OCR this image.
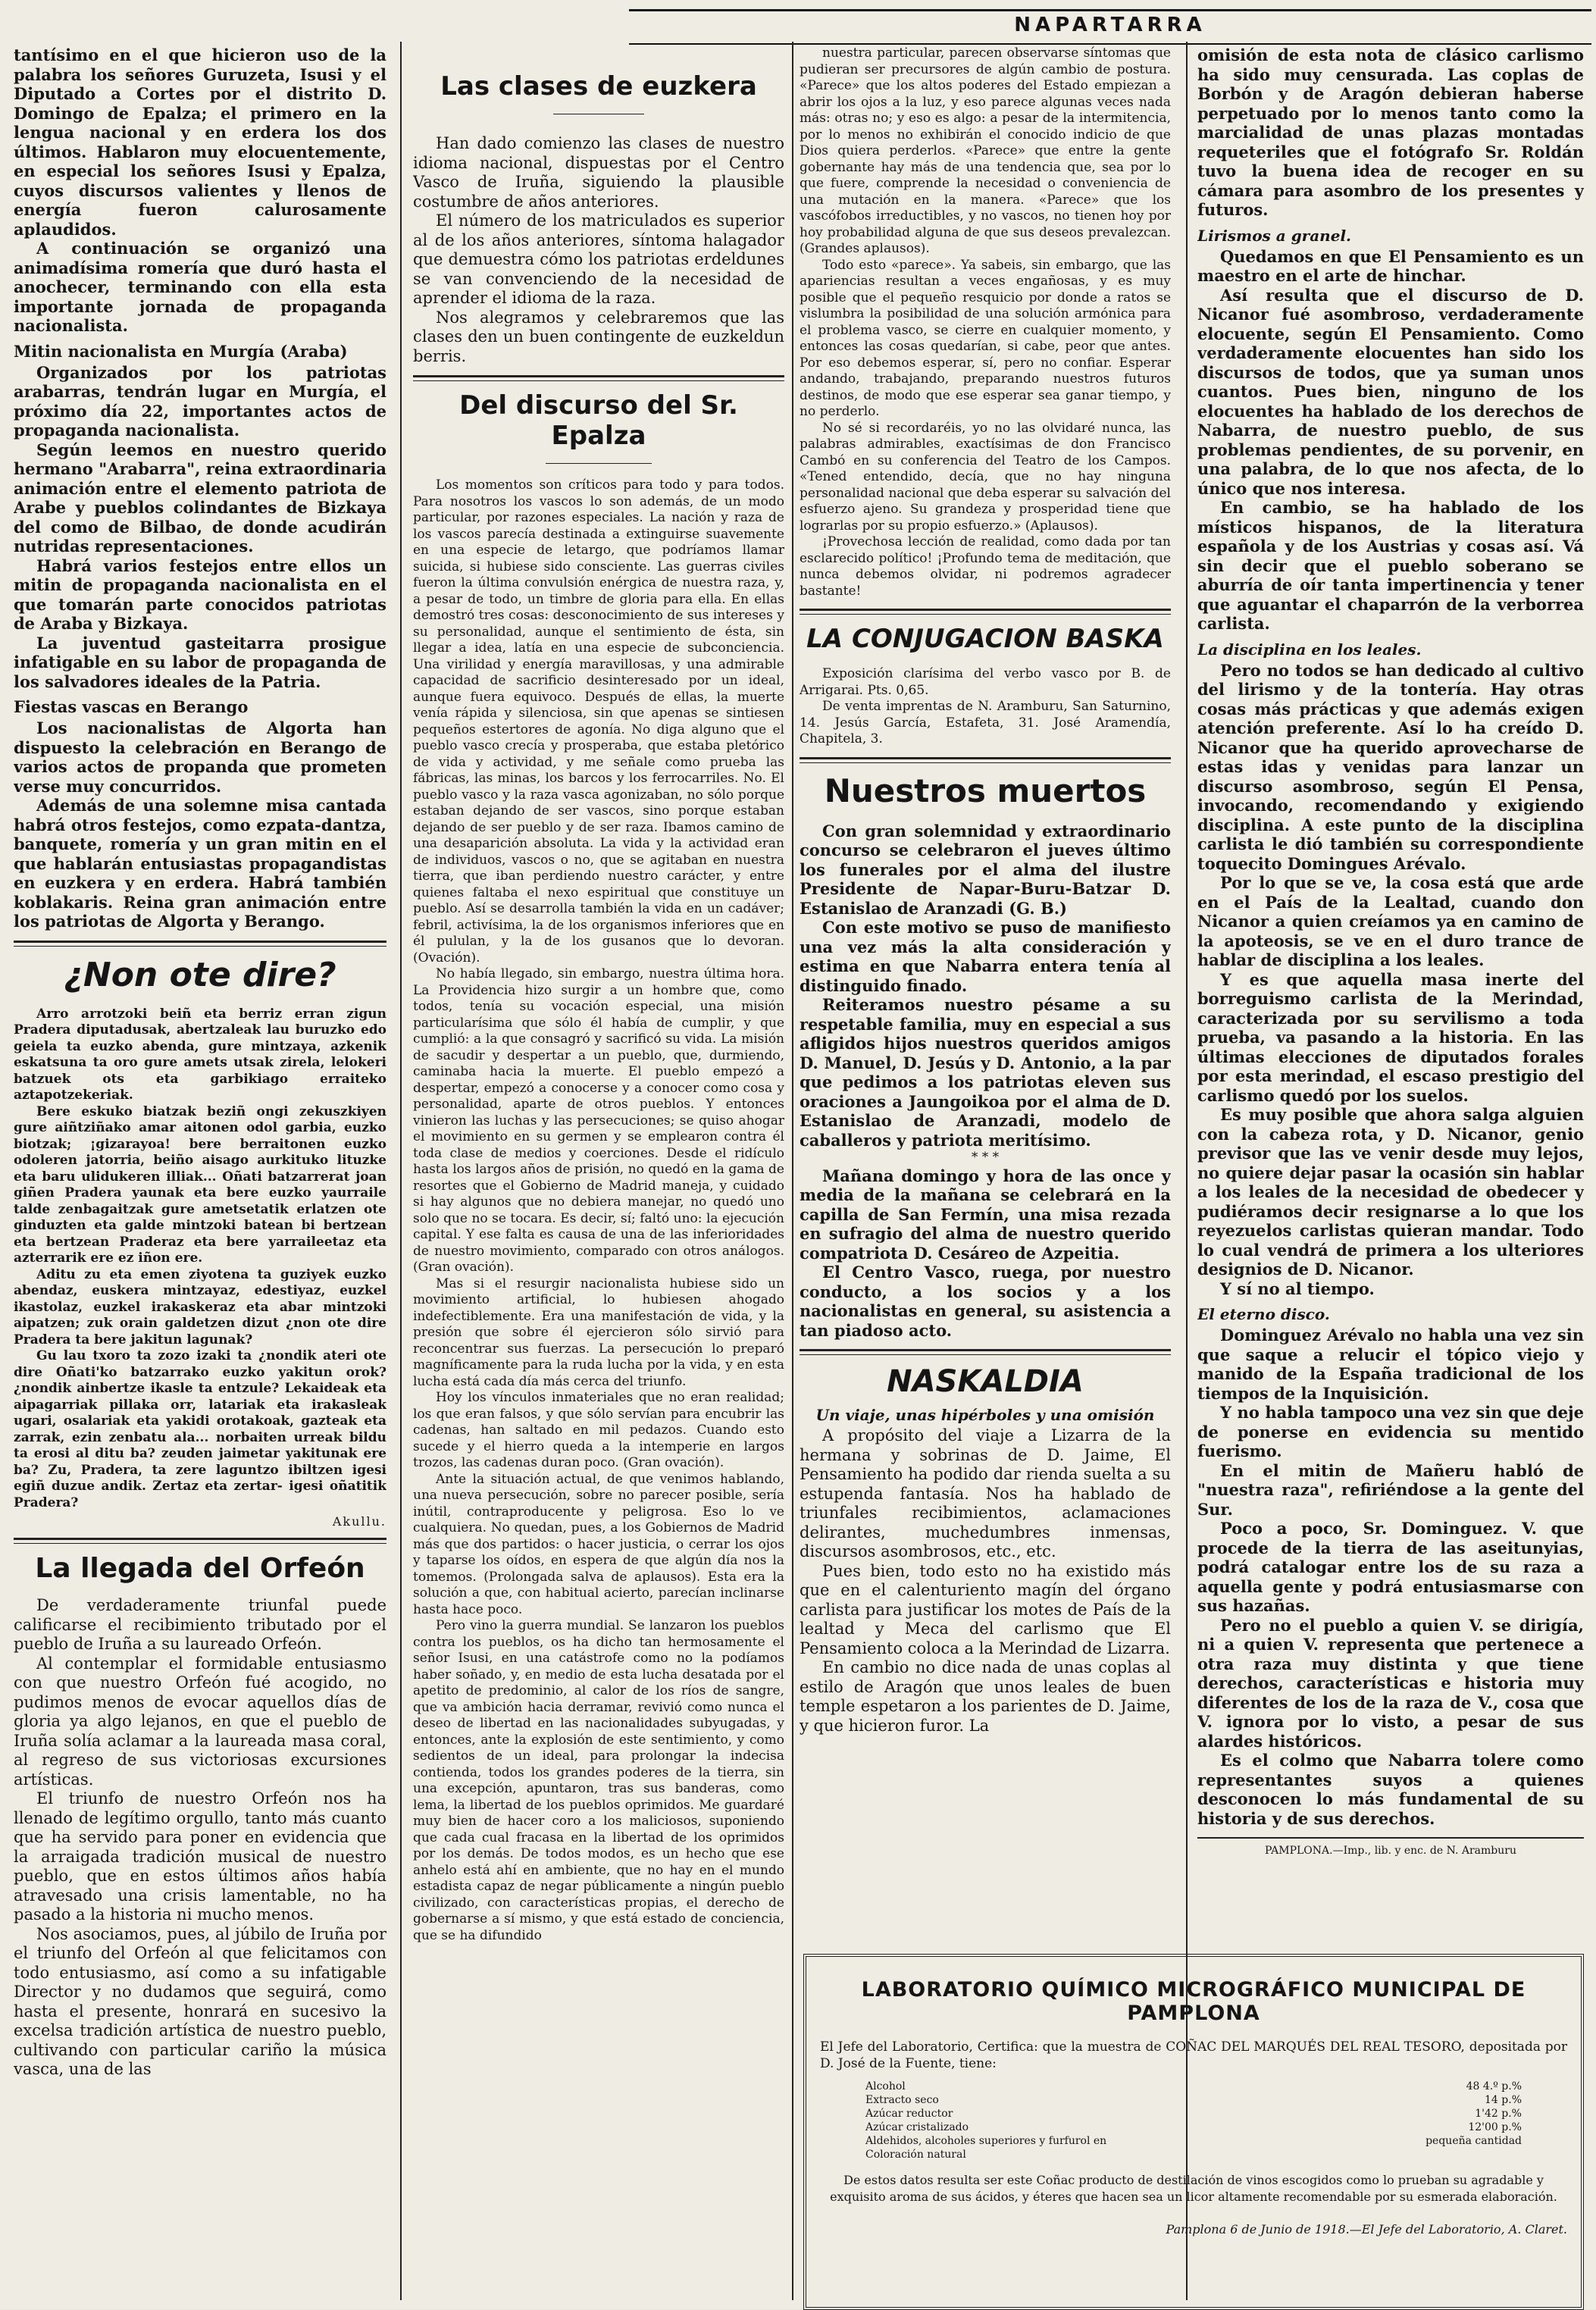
NAPARTARRA

tantísimo en el que hicieron uso de la palabra los señores Guruzeta, Isusi y el Diputado a Cortes por el distrito D. Domingo de Epalza; el primero en la lengua nacional y en erdera los dos últimos. Hablaron muy elocuentemente, en especial los señores Isusi y Epalza, cuyos discursos valientes y llenos de energía fueron calurosamente aplaudidos.

A continuación se organizó una animadísima romería que duró hasta el anochecer, terminando con ella esta importante jornada de propaganda nacionalista.

Mitin nacionalista en Murgía (Araba)

Organizados por los patriotas arabarras, tendrán lugar en Murgía, el próximo día 22, importantes actos de propaganda nacionalista.

Según leemos en nuestro querido hermano "Arabarra", reina extraordinaria animación entre el elemento patriota de Arabe y pueblos colindantes de Bizkaya del como de Bilbao, de donde acudirán nutridas representaciones.

Habrá varios festejos entre ellos un mitin de propaganda nacionalista en el que tomarán parte conocidos patriotas de Araba y Bizkaya.

La juventud gasteitarra prosigue infatigable en su labor de propaganda de los salvadores ideales de la Patria.

Fiestas vascas en Berango

Los nacionalistas de Algorta han dispuesto la celebración en Berango de varios actos de propanda que prometen verse muy concurridos.

Además de una solemne misa cantada habrá otros festejos, como ezpata-dantza, banquete, romería y un gran mitin en el que hablarán entusiastas propagandistas en euzkera y en erdera. Habrá también koblakaris. Reina gran animación entre los patriotas de Algorta y Berango.

¿Non ote dire?

Arro arrotzoki beiñ eta berriz erran zigun Pradera diputadusak, abertzaleak lau buruzko edo geiela ta euzko abenda, gure mintzaya, azkenik eskatsuna ta oro gure amets utsak zirela, lelokeri batzuek ots eta garbikiago erraiteko aztapotzekeriak.

Bere eskuko biatzak beziñ ongi zekuszkiyen gure aiñtziñako amar aitonen odol garbia, euzko biotzak; ¡gizarayoa! bere berraitonen euzko odoleren jatorria, beiño aisago aurkituko lituzke eta baru ulidukeren illiak... Oñati batzarrerat joan giñen Pradera yaunak eta bere euzko yaurraile talde zenbagaitzak gure ametsetatik erlatzen ote ginduzten eta galde mintzoki batean bi bertzean eta bertzean Praderaz eta bere yarraileetaz eta azterrarik ere ez iñon ere.

Aditu zu eta emen ziyotena ta guziyek euzko abendaz, euskera mintzayaz, edestiyaz, euzkel ikastolaz, euzkel irakaskeraz eta abar mintzoki aipatzen; zuk orain galdetzen dizut ¿non ote dire Pradera ta bere jakitun lagunak?

Gu lau txoro ta zozo izaki ta ¿nondik ateri ote dire Oñati'ko batzarrako euzko yakitun orok? ¿nondik ainbertze ikasle ta entzule? Lekaideak eta aipagarriak pillaka orr, latariak eta irakasleak ugari, osalariak eta yakidi orotakoak, gazteak eta zarrak, ezin zenbatu ala... norbaiten urreak bildu ta erosi al ditu ba? zeuden jaimetar yakitunak ere ba? Zu, Pradera, ta zere laguntzo ibiltzen igesi egiñ duzue andik. Zertaz eta zertar- igesi oñatitik Pradera?

Akullu.
La llegada del Orfeón

De verdaderamente triunfal puede calificarse el recibimiento tributado por el pueblo de Iruña a su laureado Orfeón.

Al contemplar el formidable entusiasmo con que nuestro Orfeón fué acogido, no pudimos menos de evocar aquellos días de gloria ya algo lejanos, en que el pueblo de Iruña solía aclamar a la laureada masa coral, al regreso de sus victoriosas excursiones artísticas.

El triunfo de nuestro Orfeón nos ha llenado de legítimo orgullo, tanto más cuanto que ha servido para poner en evidencia que la arraigada tradición musical de nuestro pueblo, que en estos últimos años había atravesado una crisis lamentable, no ha pasado a la historia ni mucho menos.

Nos asociamos, pues, al júbilo de Iruña por el triunfo del Orfeón al que felicitamos con todo entusiasmo, así como a su infatigable Director y no dudamos que seguirá, como hasta el presente, honrará en sucesivo la excelsa tradición artística de nuestro pueblo, cultivando con particular cariño la música vasca, una de las

Las clases de euzkera

Han dado comienzo las clases de nuestro idioma nacional, dispuestas por el Centro Vasco de Iruña, siguiendo la plausible costumbre de años anteriores.

El número de los matriculados es superior al de los años anteriores, síntoma halagador que demuestra cómo los patriotas erdeldunes se van convenciendo de la necesidad de aprender el idioma de la raza.

Nos alegramos y celebraremos que las clases den un buen contingente de euzkeldun berris.

Del discurso del Sr. Epalza

Los momentos son críticos para todo y para todos. Para nosotros los vascos lo son además, de un modo particular, por razones especiales. La nación y raza de los vascos parecía destinada a extinguirse suavemente en una especie de letargo, que podríamos llamar suicida, si hubiese sido consciente. Las guerras civiles fueron la última convulsión enérgica de nuestra raza, y, a pesar de todo, un timbre de gloria para ella. En ellas demostró tres cosas: desconocimiento de sus intereses y su personalidad, aunque el sentimiento de ésta, sin llegar a idea, latía en una especie de subconciencia. Una virilidad y energía maravillosas, y una admirable capacidad de sacrificio desinteresado por un ideal, aunque fuera equivoco. Después de ellas, la muerte venía rápida y silenciosa, sin que apenas se sintiesen pequeños estertores de agonía. No diga alguno que el pueblo vasco crecía y prosperaba, que estaba pletórico de vida y actividad, y me señale como prueba las fábricas, las minas, los barcos y los ferrocarriles. No. El pueblo vasco y la raza vasca agonizaban, no sólo porque estaban dejando de ser vascos, sino porque estaban dejando de ser pueblo y de ser raza. Ibamos camino de una desaparición absoluta. La vida y la actividad eran de individuos, vascos o no, que se agitaban en nuestra tierra, que iban perdiendo nuestro carácter, y entre quienes faltaba el nexo espiritual que constituye un pueblo. Así se desarrolla también la vida en un cadáver; febril, activísima, la de los organismos inferiores que en él pululan, y la de los gusanos que lo devoran. (Ovación).

No había llegado, sin embargo, nuestra última hora. La Providencia hizo surgir a un hombre que, como todos, tenía su vocación especial, una misión particularísima que sólo él había de cumplir, y que cumplió: a la que consagró y sacrificó su vida. La misión de sacudir y despertar a un pueblo, que, durmiendo, caminaba hacia la muerte. El pueblo empezó a despertar, empezó a conocerse y a conocer como cosa y personalidad, aparte de otros pueblos. Y entonces vinieron las luchas y las persecuciones; se quiso ahogar el movimiento en su germen y se emplearon contra él toda clase de medios y coerciones. Desde el ridículo hasta los largos años de prisión, no quedó en la gama de resortes que el Gobierno de Madrid maneja, y cuidado si hay algunos que no debiera manejar, no quedó uno solo que no se tocara. Es decir, sí; faltó uno: la ejecución capital. Y ese falta es causa de una de las inferioridades de nuestro movimiento, comparado con otros análogos. (Gran ovación).

Mas si el resurgir nacionalista hubiese sido un movimiento artificial, lo hubiesen ahogado indefectiblemente. Era una manifestación de vida, y la presión que sobre él ejercieron sólo sirvió para reconcentrar sus fuerzas. La persecución lo preparó magníficamente para la ruda lucha por la vida, y en esta lucha está cada día más cerca del triunfo.

Hoy los vínculos inmateriales que no eran realidad; los que eran falsos, y que sólo servían para encubrir las cadenas, han saltado en mil pedazos. Cuando esto sucede y el hierro queda a la intemperie en largos trozos, las cadenas duran poco. (Gran ovación).

Ante la situación actual, de que venimos hablando, una nueva persecución, sobre no parecer posible, sería inútil, contraproducente y peligrosa. Eso lo ve cualquiera. No quedan, pues, a los Gobiernos de Madrid más que dos partidos: o hacer justicia, o cerrar los ojos y taparse los oídos, en espera de que algún día nos la tomemos. (Prolongada salva de aplausos). Esta era la solución a que, con habitual acierto, parecían inclinarse hasta hace poco.

Pero vino la guerra mundial. Se lanzaron los pueblos contra los pueblos, os ha dicho tan hermosamente el señor Isusi, en una catástrofe como no la podíamos haber soñado, y, en medio de esta lucha desatada por el apetito de predominio, al calor de los ríos de sangre, que va ambición hacia derramar, revivió como nunca el deseo de libertad en las nacionalidades subyugadas, y entonces, ante la explosión de este sentimiento, y como sedientos de un ideal, para prolongar la indecisa contienda, todos los grandes poderes de la tierra, sin una excepción, apuntaron, tras sus banderas, como lema, la libertad de los pueblos oprimidos. Me guardaré muy bien de hacer coro a los maliciosos, suponiendo que cada cual fracasa en la libertad de los oprimidos por los demás. De todos modos, es un hecho que ese anhelo está ahí en ambiente, que no hay en el mundo estadista capaz de negar públicamente a ningún pueblo civilizado, con características propias, el derecho de gobernarse a sí mismo, y que está estado de conciencia, que se ha difundido

nuestra particular, parecen observarse síntomas que pudieran ser precursores de algún cambio de postura. «Parece» que los altos poderes del Estado empiezan a abrir los ojos a la luz, y eso parece algunas veces nada más: otras no; y eso es algo: a pesar de la intermitencia, por lo menos no exhibirán el conocido indicio de que Dios quiera perderlos. «Parece» que entre la gente gobernante hay más de una tendencia que, sea por lo que fuere, comprende la necesidad o conveniencia de una mutación en la manera. «Parece» que los vascófobos irreductibles, y no vascos, no tienen hoy por hoy probabilidad alguna de que sus deseos prevalezcan. (Grandes aplausos).

Todo esto «parece». Ya sabeis, sin embargo, que las apariencias resultan a veces engañosas, y es muy posible que el pequeño resquicio por donde a ratos se vislumbra la posibilidad de una solución armónica para el problema vasco, se cierre en cualquier momento, y entonces las cosas quedarían, si cabe, peor que antes. Por eso debemos esperar, sí, pero no confiar. Esperar andando, trabajando, preparando nuestros futuros destinos, de modo que ese esperar sea ganar tiempo, y no perderlo.

No sé si recordaréis, yo no las olvidaré nunca, las palabras admirables, exactísimas de don Francisco Cambó en su conferencia del Teatro de los Campos. «Tened entendido, decía, que no hay ninguna personalidad nacional que deba esperar su salvación del esfuerzo ajeno. Su grandeza y prosperidad tiene que lograrlas por su propio esfuerzo.» (Aplausos).

¡Provechosa lección de realidad, como dada por tan esclarecido político! ¡Profundo tema de meditación, que nunca debemos olvidar, ni podremos agradecer bastante!

LA CONJUGACION BASKA

Exposición clarísima del verbo vasco por B. de Arrigarai. Pts. 0,65.

De venta imprentas de N. Aramburu, San Saturnino, 14. Jesús García, Estafeta, 31. José Aramendía, Chapitela, 3.

Nuestros muertos

Con gran solemnidad y extraordinario concurso se celebraron el jueves último los funerales por el alma del ilustre Presidente de Napar-Buru-Batzar D. Estanislao de Aranzadi (G. B.)

Con este motivo se puso de manifiesto una vez más la alta consideración y estima en que Nabarra entera tenía al distinguido finado.

Reiteramos nuestro pésame a su respetable familia, muy en especial a sus afligidos hijos nuestros queridos amigos D. Manuel, D. Jesús y D. Antonio, a la par que pedimos a los patriotas eleven sus oraciones a Jaungoikoa por el alma de D. Estanislao de Aranzadi, modelo de caballeros y patriota meritísimo.

* * *

Mañana domingo y hora de las once y media de la mañana se celebrará en la capilla de San Fermín, una misa rezada en sufragio del alma de nuestro querido compatriota D. Cesáreo de Azpeitia.

El Centro Vasco, ruega, por nuestro conducto, a los socios y a los nacionalistas en general, su asistencia a tan piadoso acto.

NASKALDIA
Un viaje, unas hipérboles y una omisión

A propósito del viaje a Lizarra de la hermana y sobrinas de D. Jaime, El Pensamiento ha podido dar rienda suelta a su estupenda fantasía. Nos ha hablado de triunfales recibimientos, aclamaciones delirantes, muchedumbres inmensas, discursos asombrosos, etc., etc.

Pues bien, todo esto no ha existido más que en el calenturiento magín del órgano carlista para justificar los motes de País de la lealtad y Meca del carlismo que El Pensamiento coloca a la Merindad de Lizarra.

En cambio no dice nada de unas coplas al estilo de Aragón que unos leales de buen temple espetaron a los parientes de D. Jaime, y que hicieron furor. La

omisión de esta nota de clásico carlismo ha sido muy censurada. Las coplas de Borbón y de Aragón debieran haberse perpetuado por lo menos tanto como la marcialidad de unas plazas montadas requeteriles que el fotógrafo Sr. Roldán tuvo la buena idea de recoger en su cámara para asombro de los presentes y futuros.

Lirismos a granel.

Quedamos en que El Pensamiento es un maestro en el arte de hinchar.

Así resulta que el discurso de D. Nicanor fué asombroso, verdaderamente elocuente, según El Pensamiento. Como verdaderamente elocuentes han sido los discursos de todos, que ya suman unos cuantos. Pues bien, ninguno de los elocuentes ha hablado de los derechos de Nabarra, de nuestro pueblo, de sus problemas pendientes, de su porvenir, en una palabra, de lo que nos afecta, de lo único que nos interesa.

En cambio, se ha hablado de los místicos hispanos, de la literatura española y de los Austrias y cosas así. Vá sin decir que el pueblo soberano se aburría de oír tanta impertinencia y tener que aguantar el chaparrón de la verborrea carlista.

La disciplina en los leales.

Pero no todos se han dedicado al cultivo del lirismo y de la tontería. Hay otras cosas más prácticas y que además exigen atención preferente. Así lo ha creído D. Nicanor que ha querido aprovecharse de estas idas y venidas para lanzar un discurso asombroso, según El Pensa, invocando, recomendando y exigiendo disciplina. A este punto de la disciplina carlista le dió también su correspondiente toquecito Domingues Arévalo.

Por lo que se ve, la cosa está que arde en el País de la Lealtad, cuando don Nicanor a quien creíamos ya en camino de la apoteosis, se ve en el duro trance de hablar de disciplina a los leales.

Y es que aquella masa inerte del borreguismo carlista de la Merindad, caracterizada por su servilismo a toda prueba, va pasando a la historia. En las últimas elecciones de diputados forales por esta merindad, el escaso prestigio del carlismo quedó por los suelos.

Es muy posible que ahora salga alguien con la cabeza rota, y D. Nicanor, genio previsor que las ve venir desde muy lejos, no quiere dejar pasar la ocasión sin hablar a los leales de la necesidad de obedecer y pudiéramos decir resignarse a lo que los reyezuelos carlistas quieran mandar. Todo lo cual vendrá de primera a los ulteriores designios de D. Nicanor.

Y sí no al tiempo.

El eterno disco.

Dominguez Arévalo no habla una vez sin que saque a relucir el tópico viejo y manido de la España tradicional de los tiempos de la Inquisición.

Y no habla tampoco una vez sin que deje de ponerse en evidencia su mentido fuerismo.

En el mitin de Mañeru habló de "nuestra raza", refiriéndose a la gente del Sur.

Poco a poco, Sr. Dominguez. V. que procede de la tierra de las aseitunyias, podrá catalogar entre los de su raza a aquella gente y podrá entusiasmarse con sus hazañas.

Pero no el pueblo a quien V. se dirigía, ni a quien V. representa que pertenece a otra raza muy distinta y que tiene derechos, características e historia muy diferentes de los de la raza de V., cosa que V. ignora por lo visto, a pesar de sus alardes históricos.

Es el colmo que Nabarra tolere como representantes suyos a quienes desconocen lo más fundamental de su historia y de sus derechos.

PAMPLONA.—Imp., lib. y enc. de N. Aramburu
LABORATORIO QUÍMICO MICROGRÁFICO MUNICIPAL DE PAMPLONA
El Jefe del Laboratorio, Certifica: que la muestra de COÑAC DEL MARQUÉS DEL REAL TESORO, depositada por D. José de la Fuente, tiene:
Alcohol	48 4.º p.%
Extracto seco	14 p.%
Azúcar reductor	1'42 p.%
Azúcar cristalizado	12'00 p.%
Aldehidos, alcoholes superiores y furfurol en	pequeña cantidad
Coloración natural
De estos datos resulta ser este Coñac producto de destilación de vinos escogidos como lo prueban su agradable y exquisito aroma de sus ácidos, y éteres que hacen sea un licor altamente recomendable por su esmerada elaboración.
Pamplona 6 de Junio de 1918.—El Jefe del Laboratorio, A. Claret.
